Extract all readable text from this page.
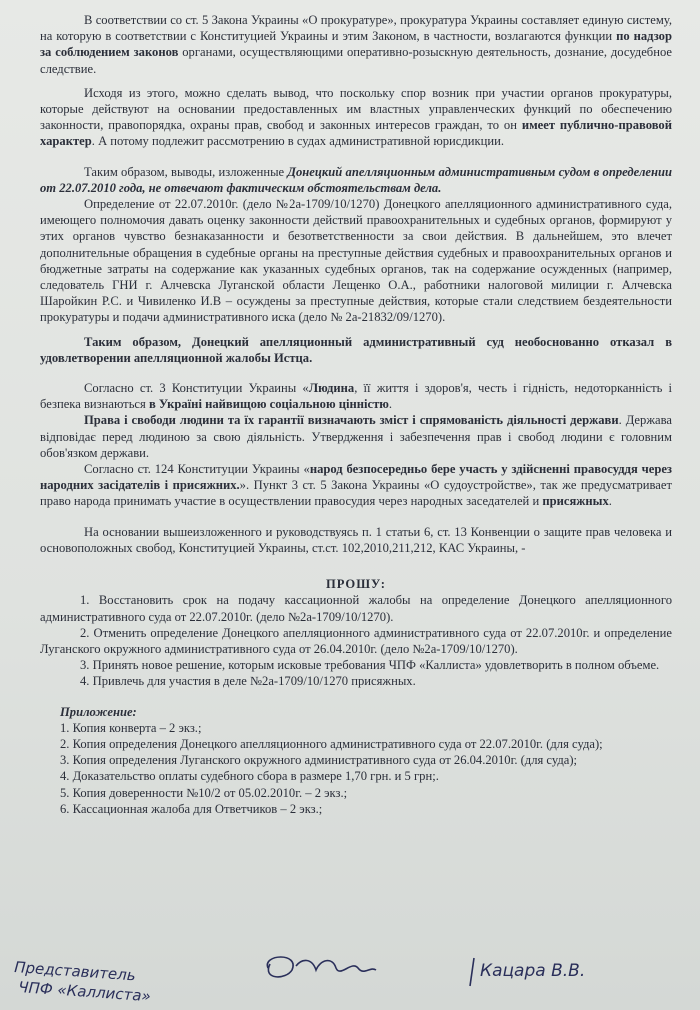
В соответствии со ст. 5 Закона Украины «О прокуратуре», прокуратура Украины составляет единую систему, на которую в соответствии с Конституцией Украины и этим Законом, в частности, возлагаются функции по надзор за соблюдением законов органами, осуществляющими оперативно-розыскную деятельность, дознание, досудебное следствие.

Исходя из этого, можно сделать вывод, что поскольку спор возник при участии органов прокуратуры, которые действуют на основании предоставленных им властных управленческих функций по обеспечению законности, правопорядка, охраны прав, свобод и законных интересов граждан, то он имеет публично-правовой характер. А потому подлежит рассмотрению в судах административной юрисдикции.

Таким образом, выводы, изложенные Донецкий апелляционным административным судом в определении от 22.07.2010 года, не отвечают фактическим обстоятельствам дела.

Определение от 22.07.2010г. (дело №2а-1709/10/1270) Донецкого апелляционного административного суда, имеющего полномочия давать оценку законности действий правоохранительных и судебных органов, формируют у этих органов чувство безнаказанности и безответственности за свои действия. В дальнейшем, это влечет дополнительные обращения в судебные органы на преступные действия судебных и правоохранительных органов и бюджетные затраты на содержание как указанных судебных органов, так на содержание осужденных (например, следователь ГНИ г. Алчевска Луганской области Лещенко О.А., работники налоговой милиции г. Алчевска Шаройкин Р.С. и Чивиленко И.В – осуждены за преступные действия, которые стали следствием бездеятельности прокуратуры и подачи административного иска (дело № 2а-21832/09/1270).

Таким образом, Донецкий апелляционный административный суд необоснованно отказал в удовлетворении апелляционной жалобы Истца.

Согласно ст. 3 Конституции Украины «Людина, її життя і здоров'я, честь і гідність, недоторканність і безпека визнаються в Україні найвищою соціальною цінністю.

Права і свободи людини та їх гарантії визначають зміст і спрямованість діяльності держави. Держава відповідає перед людиною за свою діяльність. Утвердження і забезпечення прав і свобод людини є головним обов'язком держави.

Согласно ст. 124 Конституции Украины «народ безпосередньо бере участь у здійсненні правосуддя через народних засідателів і присяжних.». Пункт 3 ст. 5 Закона Украины «О судоустройстве», так же предусматривает право народа принимать участие в осуществлении правосудия через народных заседателей и присяжных.

На основании вышеизложенного и руководствуясь п. 1 статьи 6, ст. 13 Конвенции о защите прав человека и основоположных свобод, Конституцией Украины, ст.ст. 102,2010,211,212, КАС Украины, -

ПРОШУ:

1. Восстановить срок на подачу кассационной жалобы на определение Донецкого апелляционного административного суда от 22.07.2010г. (дело №2а-1709/10/1270).

2. Отменить определение Донецкого апелляционного административного суда от 22.07.2010г. и определение Луганского окружного административного суда от 26.04.2010г. (дело №2а-1709/10/1270).

3. Принять новое решение, которым исковые требования ЧПФ «Каллиста» удовлетворить в полном объеме.

4. Привлечь для участия в деле №2а-1709/10/1270 присяжных.

Приложение:

1. Копия конверта – 2 экз.;

2. Копия определения Донецкого апелляционного административного суда от 22.07.2010г. (для суда);

3. Копия определения Луганского окружного административного суда от 26.04.2010г. (для суда);

4. Доказательство оплаты судебного сбора в размере 1,70 грн. и 5 грн;.

5. Копия доверенности №10/2 от 05.02.2010г. – 2 экз.;

6. Кассационная жалоба для Ответчиков – 2 экз.;

Представитель
ЧПФ «Каллиста»
Кацара В.В.
